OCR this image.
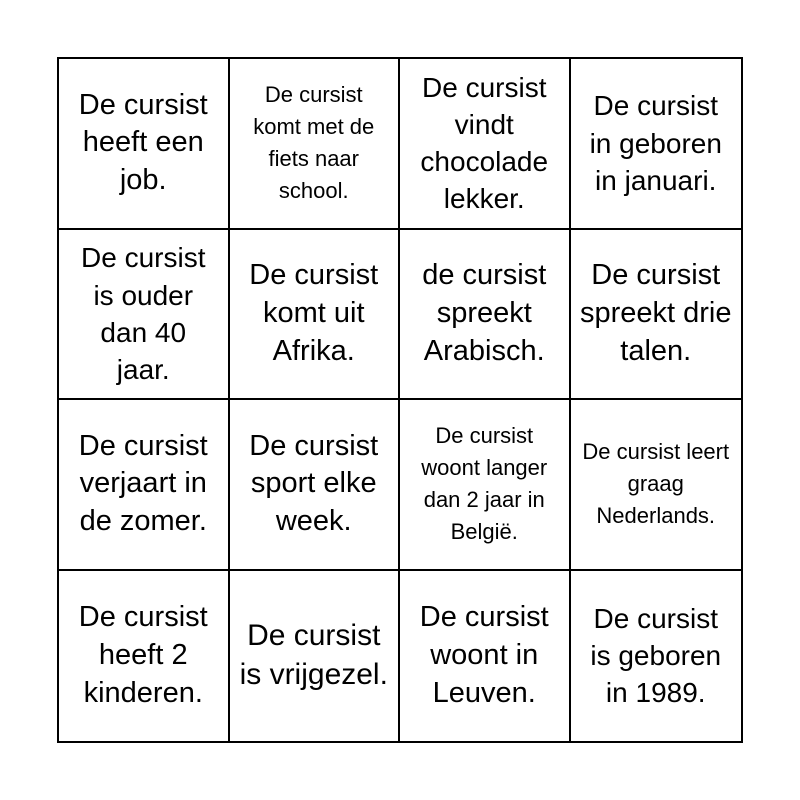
De cursist heeft een job.
De cursist komt met de fiets naar school.
De cursist vindt chocolade lekker.
De cursist in geboren in januari.
De cursist is ouder dan 40 jaar.
De cursist komt uit Afrika.
de cursist spreekt Arabisch.
De cursist spreekt drie talen.
De cursist verjaart in de zomer.
De cursist sport elke week.
De cursist woont langer dan 2 jaar in België.
De cursist leert graag Nederlands.
De cursist heeft 2 kinderen.
De cursist is vrijgezel.
De cursist woont in Leuven.
De cursist is geboren in 1989.
